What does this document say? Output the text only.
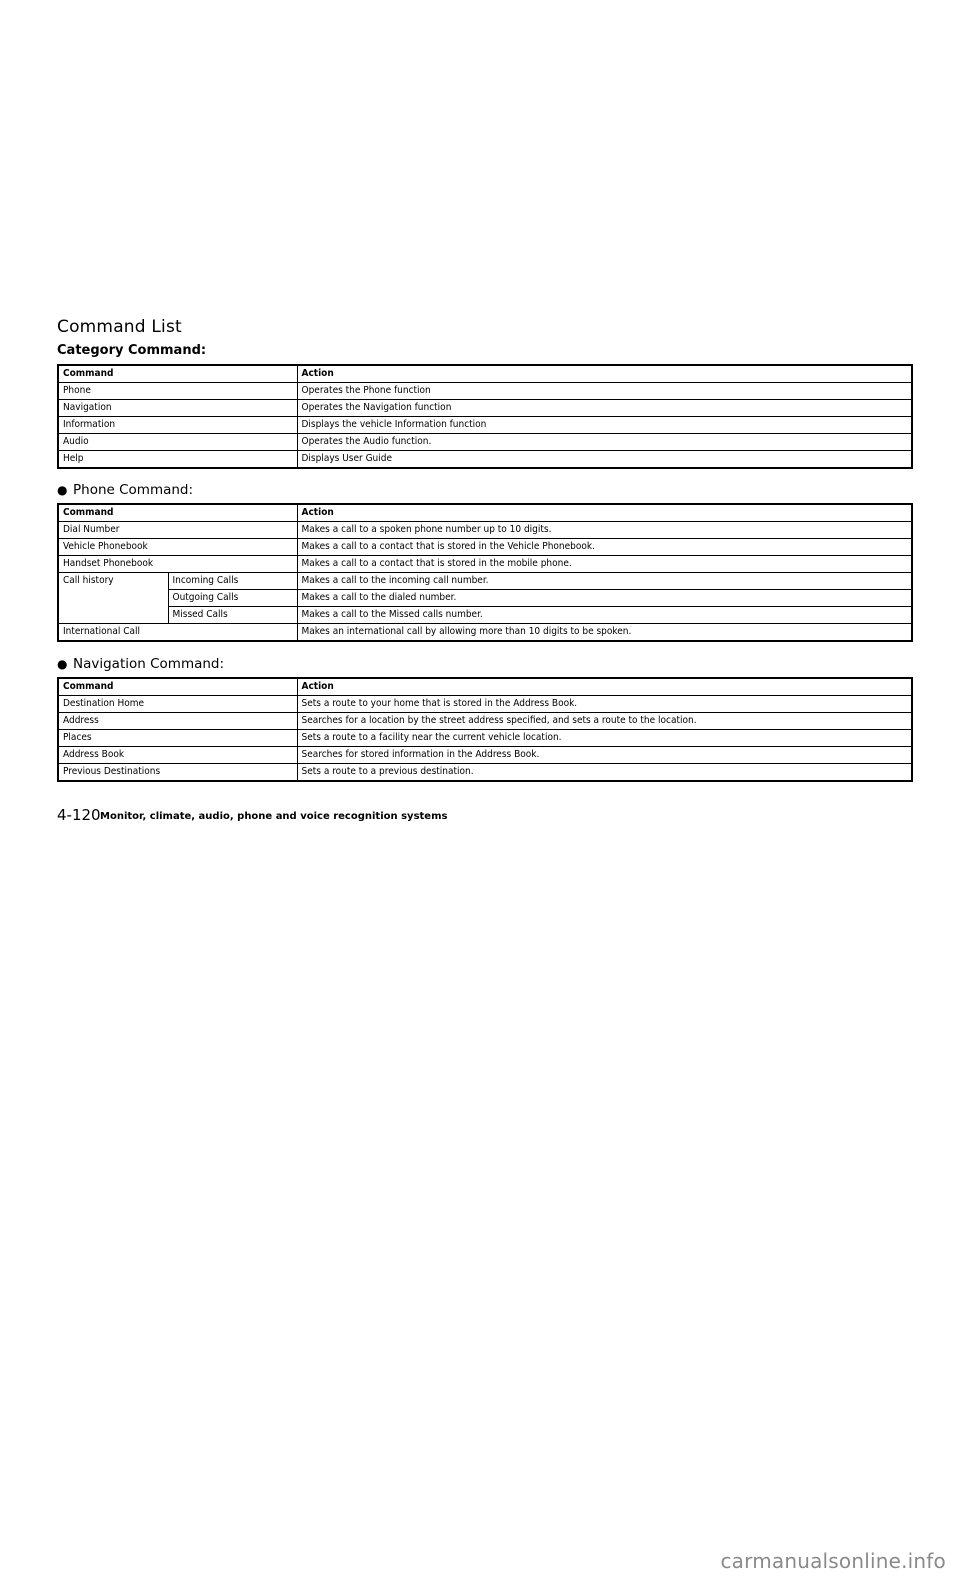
Command List
Category Command:
Command	Action
Phone	Operates the Phone function
Navigation	Operates the Navigation function
Information	Displays the vehicle Information function
Audio	Operates the Audio function.
Help	Displays User Guide
● Phone Command:
Command		Action
Dial Number		Makes a call to a spoken phone number up to 10 digits.
Vehicle Phonebook		Makes a call to a contact that is stored in the Vehicle Phonebook.
Handset Phonebook		Makes a call to a contact that is stored in the mobile phone.
Call history	Incoming Calls	Makes a call to the incoming call number.
	Outgoing Calls	Makes a call to the dialed number.
	Missed Calls	Makes a call to the Missed calls number.
International Call		Makes an international call by allowing more than 10 digits to be spoken.
● Navigation Command:
Command	Action
Destination Home	Sets a route to your home that is stored in the Address Book.
Address	Searches for a location by the street address specified, and sets a route to the location.
Places	Sets a route to a facility near the current vehicle location.
Address Book	Searches for stored information in the Address Book.
Previous Destinations	Sets a route to a previous destination.
4-120 Monitor, climate, audio, phone and voice recognition systems
carmanualsonline.info
